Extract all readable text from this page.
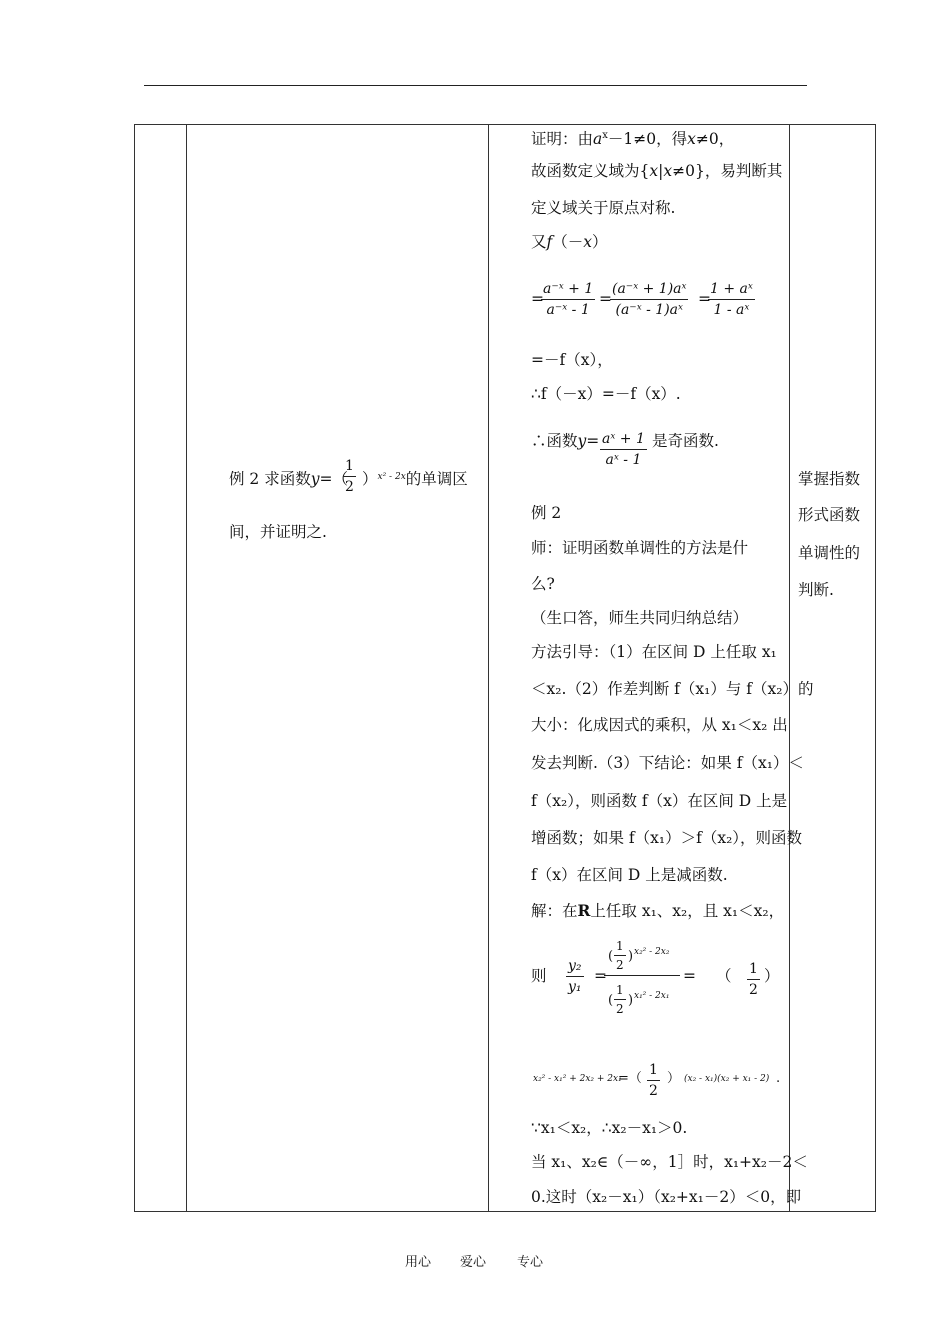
例 2 求函数y=（
$\frac{1}{2} )^{x^2 - 2x}$的单调区
间，并证明之.
证明：由$a^x-1\ne 0$，得x≠0，
故函数定义域为{x|x≠0}，易判断其
定义域关于原点对称.
又f（－x）
=
$\frac{\text{a⁻ˣ + 1}}{\text{a⁻ˣ - 1}}$ =
$\frac{\text{(a⁻ˣ + 1)aˣ}}{\text{(a⁻ˣ - 1)aˣ}}$ =
$\frac{\text{1 + aˣ}}{\text{1 - aˣ}}$
=－f（x），
∴f（－x）=－f（x）.
∴函数$y= \frac{\text{aˣ + 1}}{\text{aˣ - 1}}$ 是奇函数.
例 2
师：证明函数单调性的方法是什
么?
（生口答，师生共同归纳总结）
方法引导：（1）在区间 D 上任取 x₁
＜x₂.（2）作差判断 f（x₁）与 f（x₂）的
大小：化成因式的乘积，从 x₁＜x₂ 出
发去判断.（3）下结论：如果 f（x₁）＜
f（x₂），则函数 f（x）在区间 D 上是
增函数；如果 f（x₁）＞f（x₂），则函数
f（x）在区间 D 上是减函数.
解：在R上任取 x₁、x₂，且 x₁＜x₂，
则 $\frac{\text{y₂}}{\text{y₁}}$ =
( $\frac{1}{2}$ ) x₂² - 2x₂
( $\frac{1}{2}$ ) x₁² - 2x₁
= （ $\frac{1}{2}$ ）
x₂² - x₁² + 2x₂ + 2x₁
=（ $\frac{1}{2}$ ） (x₂ - x₁)(x₂ + x₁ - 2) .
∵x₁＜x₂，∴x₂－x₁＞0.
当 x₁、x₂∈（－∞，1］时，x₁+x₂－2＜
0.这时（x₂－x₁）（x₂+x₁－2）＜0，即
掌握指数
形式函数
单调性的
判断.
用心 爱心 专心
